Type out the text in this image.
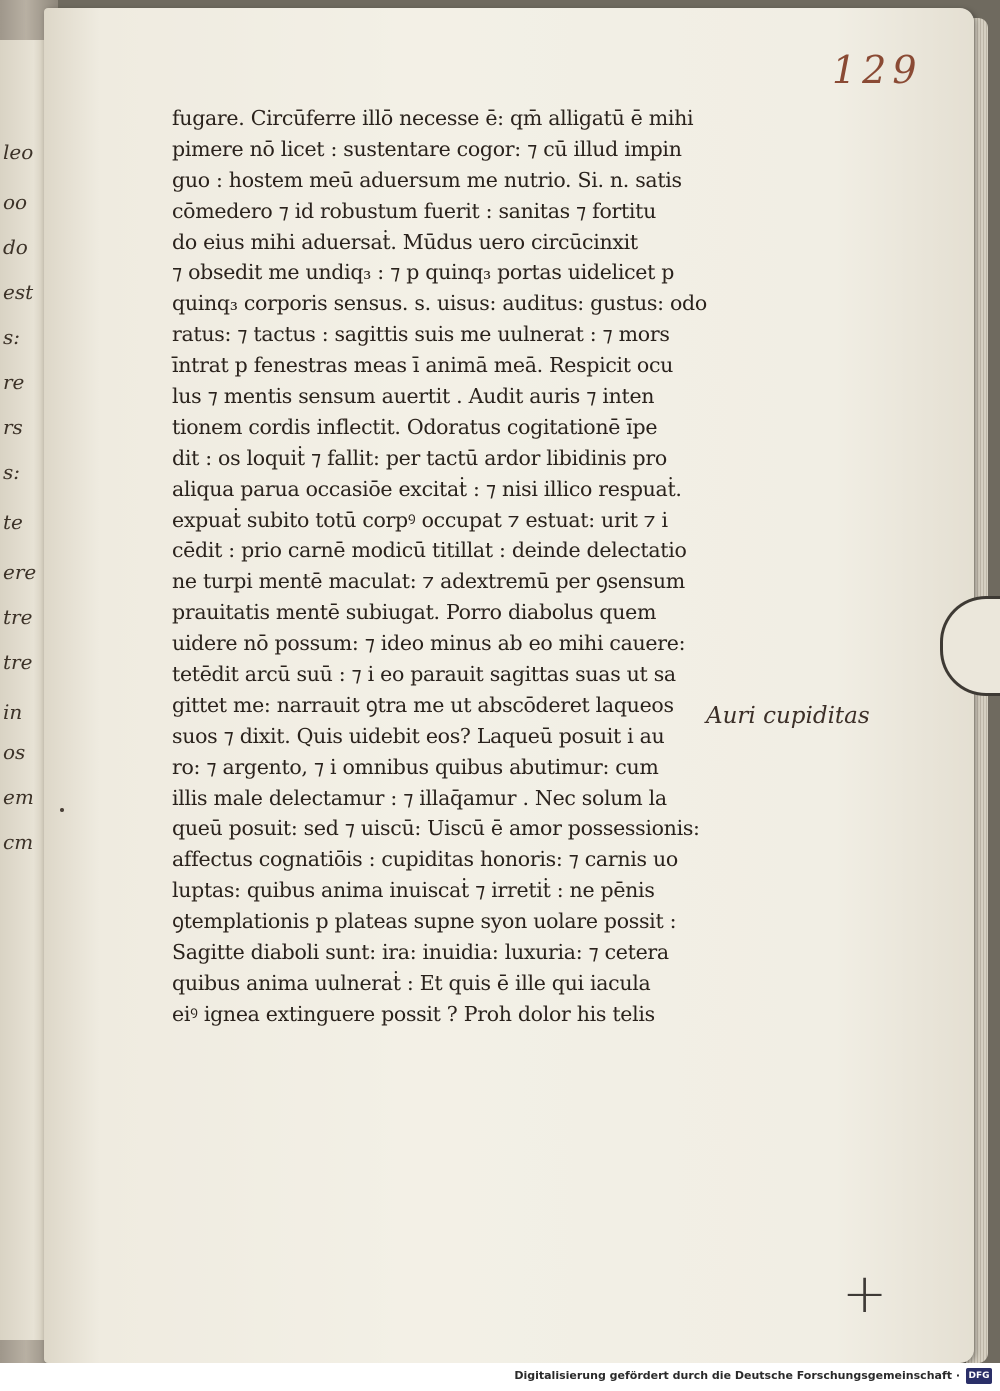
leo
oo
do
est
s:
re
rs
s:
te
ere
tre
tre
in
os
em
cm
129
fugare. Circūferre illō necesse ē: qm̄ alligatū ē mihi
pimere nō licet : sustentare cogor: ⁊ cū illud impin
guo : hostem meū aduersum me nutrio. Si. n. satis
cōmedero ⁊ id robustum fuerit : sanitas ⁊ fortitu
do eius mihi aduersaṫ. Mūdus uero circūcinxit
⁊ obsedit me undiq₃ : ⁊ p quinq₃ portas uidelicet p
quinq₃ corporis sensus. s. uisus: auditus: gustus: odo
ratus: ⁊ tactus : sagittis suis me uulnerat : ⁊ mors
īntrat p fenestras meas ī animā meā. Respicit ocu
lus ⁊ mentis sensum auertit . Audit auris ⁊ inten
tionem cordis inflectit. Odoratus cogitationē īpe
dit : os loquiṫ ⁊ fallit: per tactū ardor libidinis pro
aliqua parua occasiōe excitaṫ : ⁊ nisi illico respuaṫ.
expuaṫ subito totū corpꝰ occupat ⁊ estuat: urit ⁊ i
cēdit : prio carnē modicū titillat : deinde delectatio
ne turpi mentē maculat: ⁊ adextremū per ꝯsensum
prauitatis mentē subiugat. Porro diabolus quem
uidere nō possum: ⁊ ideo minus ab eo mihi cauere:
tetēdit arcū suū : ⁊ i eo parauit sagittas suas ut sa
gittet me: narrauit ꝯtra me ut abscōderet laqueos
suos ⁊ dixit. Quis uidebit eos? Laqueū posuit i au
ro: ⁊ argento, ⁊ i omnibus quibus abutimur: cum
illis male delectamur : ⁊ illaq̄amur . Nec solum la
queū posuit: sed ⁊ uiscū: Uiscū ē amor possessionis:
affectus cognatiōis : cupiditas honoris: ⁊ carnis uo
luptas: quibus anima inuiscaṫ ⁊ irretiṫ : ne pēnis
ꝯtemplationis p plateas supne syon uolare possit :
Sagitte diaboli sunt: ira: inuidia: luxuria: ⁊ cetera
quibus anima uulneraṫ : Et quis ē ille qui iacula
eiꝰ ignea extinguere possit ? Proh dolor his telis
Auri cupiditas
+
Digitalisierung gefördert durch die Deutsche Forschungsgemeinschaft · DFG
